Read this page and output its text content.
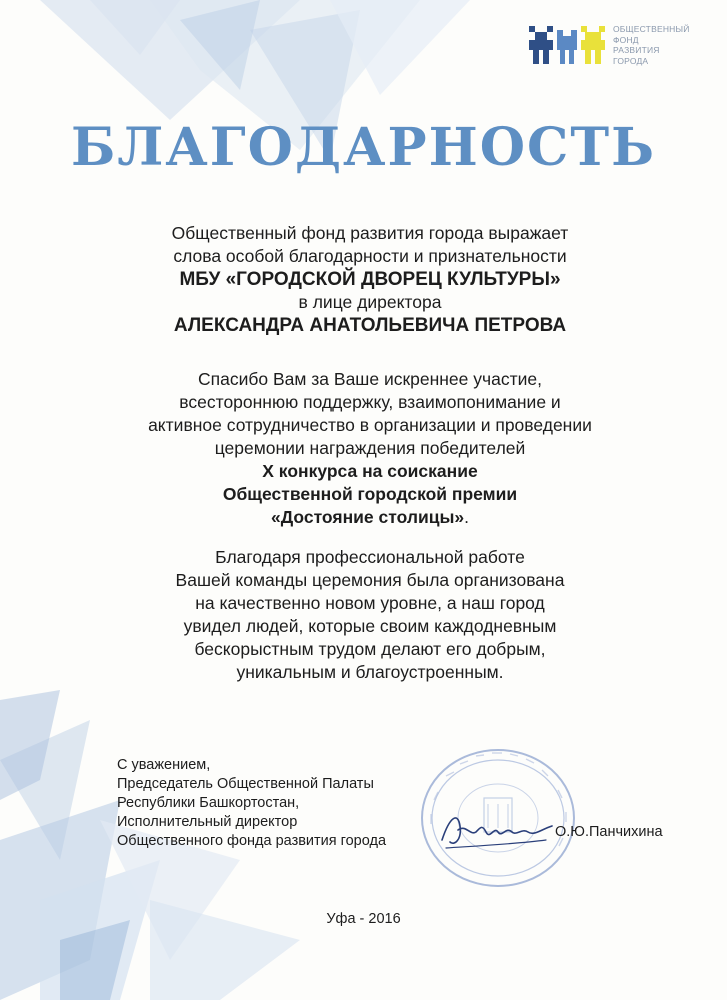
ОБЩЕСТВЕННЫЙ
ФОНД
РАЗВИТИЯ
ГОРОДА
БЛАГОДАРНОСТЬ
Общественный фонд развития города выражает
слова особой благодарности и признательности
МБУ «ГОРОДСКОЙ ДВОРЕЦ КУЛЬТУРЫ»
в лице директора
АЛЕКСАНДРА АНАТОЛЬЕВИЧА ПЕТРОВА
Спасибо Вам за Ваше искреннее участие,
всестороннюю поддержку, взаимопонимание и
активное сотрудничество в организации и проведении
церемонии награждения победителей
X конкурса на соискание
Общественной городской премии
«Достояние столицы».
Благодаря профессиональной работе
Вашей команды церемония была организована
на качественно новом уровне, а наш город
увидел людей, которые своим каждодневным
бескорыстным трудом делают его добрым,
уникальным и благоустроенным.
С уважением,
Председатель Общественной Палаты
Республики Башкортостан,
Исполнительный директор
Общественного фонда развития города
О.Ю.Панчихина
Уфа - 2016
